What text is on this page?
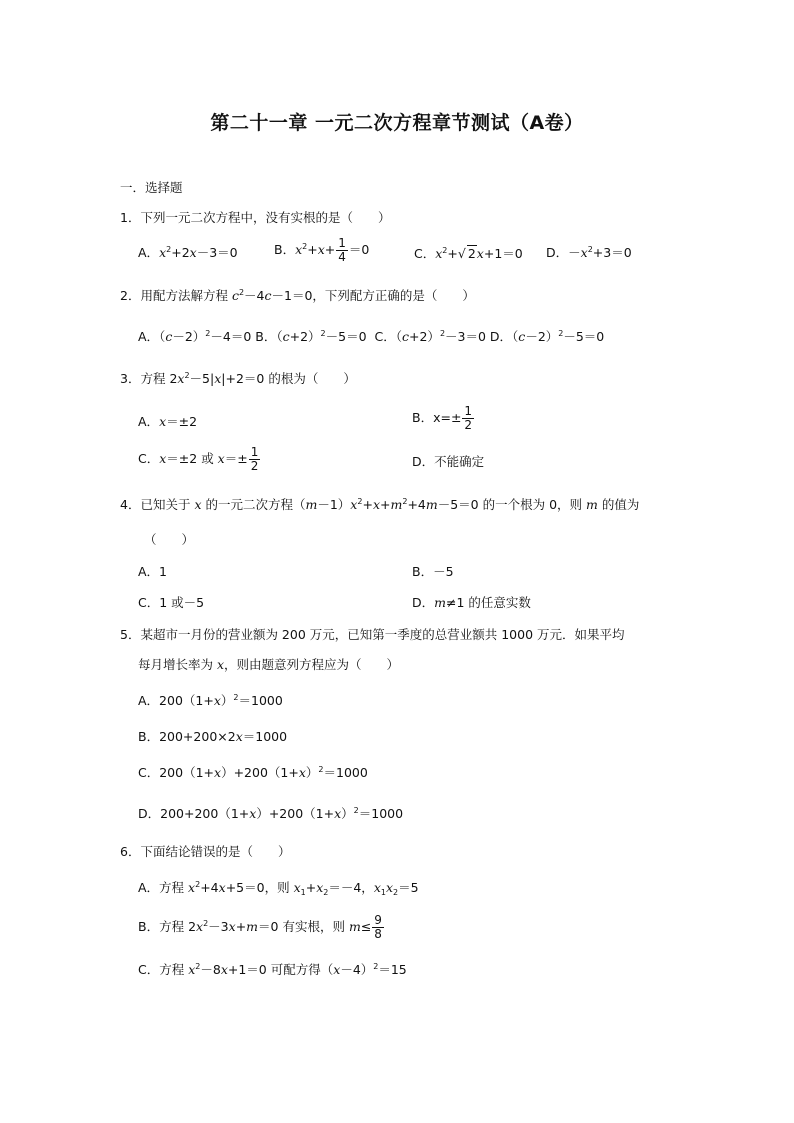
第二十一章 一元二次方程章节测试（A卷）
一．选择题
1．下列一元二次方程中，没有实根的是（　　）
A．$x^2+2x-3=0$	B．$x^2+x+ \frac{1}{4} =0$	C．$x^2+√$ 2x+1＝0 D．$-x^2+3=0$
2．用配方法解方程 $c^2-4c-1=0$，下列配方正确的是（　　）
A．$(c-2)^2-4=0$ B．$(c+2)^2-5=0$  C．$(c+2)^2-3=0$ D．$(c-2)^2-5=0$
3．方程 $2x^2-5|x|+2=0$ 的根为（　　）
A．x＝±2	B．$x=\pm \frac{1}{2}$
C．x＝±2 或 $x=\pm \frac{1}{2}$	D．不能确定
4．已知关于 x 的一元二次方程$(m-1)x^2+x+m^2+4m-5=0$ 的一个根为 0，则 m 的值为
（　　）
A．1	B．－5
C．1 或－5	D．m≠1 的任意实数
5．某超市一月份的营业额为 200 万元，已知第一季度的总营业额共 1000 万元．如果平均
每月增长率为 x，则由题意列方程应为（　　）
A．$200(1+x)^2=1000$
B．200+200×2x＝1000
C．$200(1+x)+200(1+x)^2=1000$
D．$200+200(1+x)+200(1+x)^2=1000$
6．下面结论错误的是（　　）
A．方程 $x^2+4x+5=0$，则 $x_1+x_2=-4$，$x_1x_2=5$
B．方程 $2x^2-3x+m=0$ 有实根，则 $m\le \frac{9}{8}$
C．方程 $x^2-8x+1=0$ 可配方得$(x-4)^2=15$
